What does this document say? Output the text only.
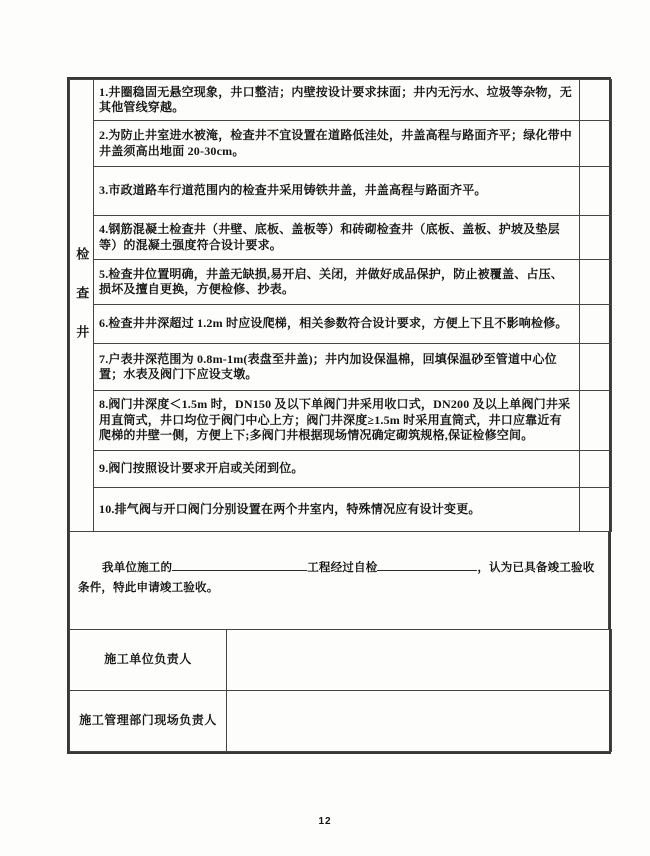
检查井	1.井圈稳固无悬空现象，井口整洁；内壁按设计要求抹面；井内无污水、垃圾等杂物，无其他管线穿越。	
	2.为防止井室进水被淹，检查井不宜设置在道路低洼处，井盖高程与路面齐平；绿化带中井盖须高出地面 20-30cm。	
	3.市政道路车行道范围内的检查井采用铸铁井盖，井盖高程与路面齐平。	
	4.钢筋混凝土检查井（井壁、底板、盖板等）和砖砌检查井（底板、盖板、护坡及垫层等）的混凝土强度符合设计要求。	
	5.检查井位置明确，井盖无缺损,易开启、关闭，并做好成品保护，防止被覆盖、占压、损坏及擅自更换，方便检修、抄表。	
	6.检查井井深超过 1.2m 时应设爬梯，相关参数符合设计要求，方便上下且不影响检修。	
	7.户表井深范围为 0.8m-1m(表盘至井盖)；井内加设保温棉，回填保温砂至管道中心位置；水表及阀门下应设支墩。	
	8.阀门井深度＜1.5m 时，DN150 及以下单阀门井采用收口式，DN200 及以上单阀门井采用直筒式，井口均位于阀门中心上方；阀门井深度≥1.5m 时采用直筒式，井口应靠近有爬梯的井壁一侧，方便上下;多阀门井根据现场情况确定砌筑规格,保证检修空间。	
	9.阀门按照设计要求开启或关闭到位。	
	10.排气阀与开口阀门分别设置在两个井室内，特殊情况应有设计变更。	

我单位施工的	工程经过自检	，认为已具备竣工验收条件，特此申请竣工验收。

施工单位负责人	
施工管理部门现场负责人	
12
